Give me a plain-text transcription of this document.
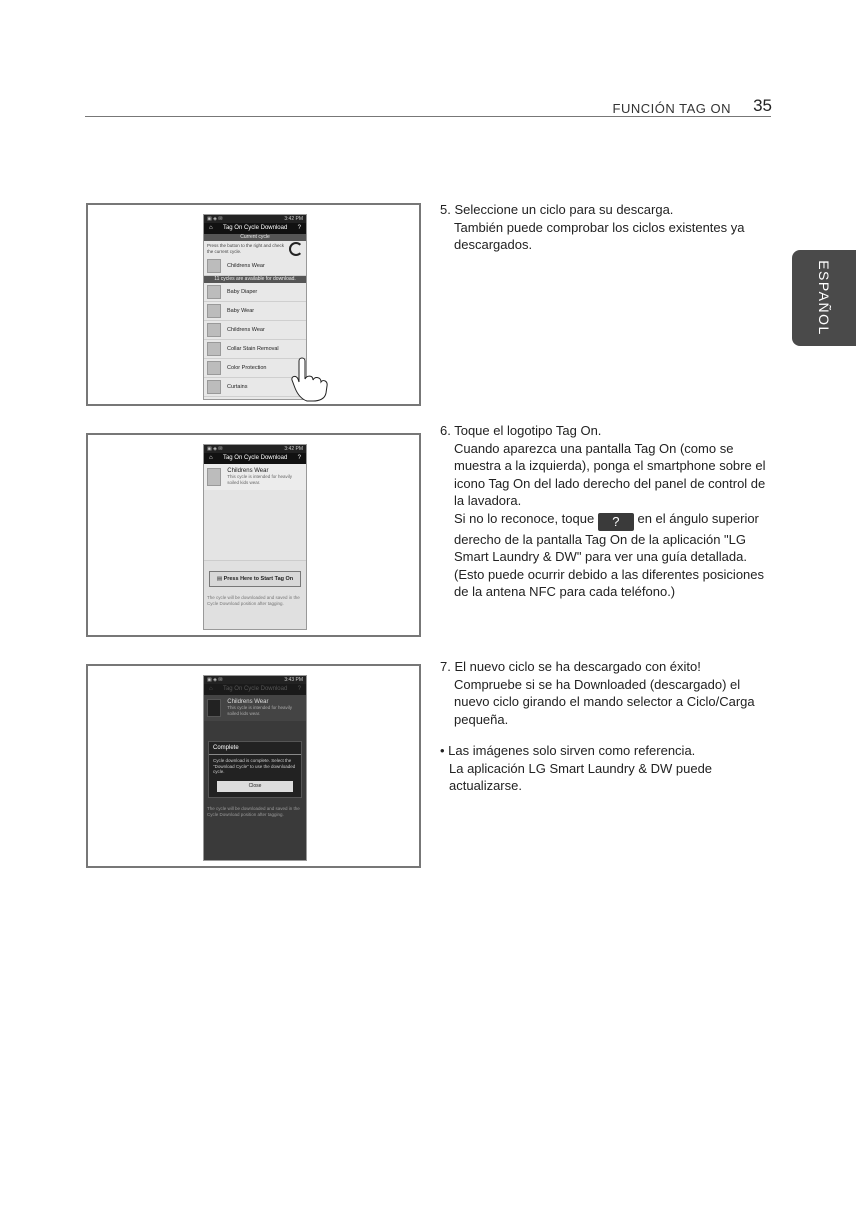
FUNCIÓN TAG ON 35
ESPAÑOL
▣ ◈ ✉	3:42 PM
⌂ Tag On Cycle Download ?
Current cycle
Press the button to the right and check the current cycle.
Childrens Wear
11 cycles are available for download.
Baby Diaper
Baby Wear
Childrens Wear
Collar Stain Removal
Color Protection
Curtains
▣ ◈ ✉	3:42 PM
⌂ Tag On Cycle Download ?
Childrens Wear
This cycle is intended for heavily soiled kids wear.
▤ Press Here to Start Tag On
The cycle will be downloaded and saved in the Cycle Download position after tagging.
▣ ◈ ✉	3:43 PM
⌂ Tag On Cycle Download ?
Childrens Wear
This cycle is intended for heavily soiled kids wear.
Complete
Cycle download is complete. Select the "Download Cycle" to use the downloaded cycle.
Close
The cycle will be downloaded and saved in the Cycle Download position after tagging.

5. Seleccione un ciclo para su descarga.

También puede comprobar los ciclos existentes ya descargados.

6. Toque el logotipo Tag On.

Cuando aparezca una pantalla Tag On (como se muestra a la izquierda), ponga el smartphone sobre el icono Tag On del lado derecho del panel de control de la lavadora.

Si no lo reconoce, toque ? en el ángulo superior derecho de la pantalla Tag On de la aplicación "LG Smart Laundry & DW" para ver una guía detallada.

(Esto puede ocurrir debido a las diferentes posiciones de la antena NFC para cada teléfono.)

7. El nuevo ciclo se ha descargado con éxito!

Compruebe si se ha Downloaded (descargado) el nuevo ciclo girando el mando selector a Ciclo/Carga pequeña.

• Las imágenes solo sirven como referencia.

La aplicación LG Smart Laundry & DW puede actualizarse.
